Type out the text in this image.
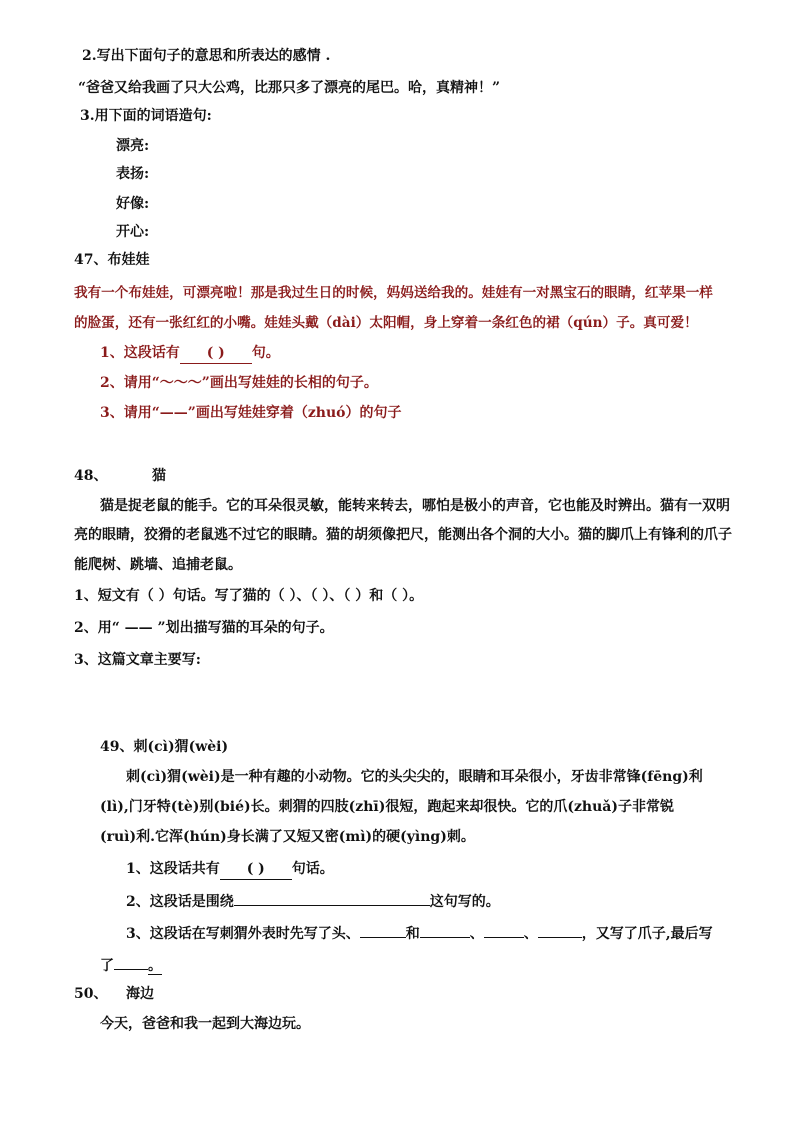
2.写出下面句子的意思和所表达的感情 .
“爸爸又给我画了只大公鸡，比那只多了漂亮的尾巴。哈，真精神！”
3.用下面的词语造句:
漂亮:
表扬:
好像:
开心:
47、布娃娃
我有一个布娃娃，可漂亮啦！那是我过生日的时候，妈妈送给我的。娃娃有一对黑宝石的眼睛，红苹果一样
的脸蛋，还有一张红红的小嘴。娃娃头戴（dài）太阳帽，身上穿着一条红色的裙（qún）子。真可爱！
1、这段话有 ( ) 句。
2、请用“～～～”画出写娃娃的长相的句子。
3、请用“——”画出写娃娃穿着（zhuó）的句子
48、	猫
猫是捉老鼠的能手。它的耳朵很灵敏，能转来转去，哪怕是极小的声音，它也能及时辨出。猫有一双明
亮的眼睛，狡猾的老鼠逃不过它的眼睛。猫的胡须像把尺，能测出各个洞的大小。猫的脚爪上有锋利的爪子
能爬树、跳墙、追捕老鼠。
1、短文有（ ）句话。写了猫的（ ）、（ ）、（ ）和（ ）。
2、用“ —— ”划出描写猫的耳朵的句子。
3、这篇文章主要写:
49、刺(cì)猬(wèi)
刺(cì)猬(wèi)是一种有趣的小动物。它的头尖尖的，眼睛和耳朵很小，牙齿非常锋(fēng)利
(lì),门牙特(tè)别(bié)长。刺猬的四肢(zhī)很短，跑起来却很快。它的爪(zhuǎ)子非常锐
(ruì)利.它浑(hún)身长满了又短又密(mì)的硬(yìng)刺。
1、这段话共有 ( ) 句话。
2、这段话是围绕	这句写的。
3、这段话在写刺猬外表时先写了头、	和	、	、	，又写了爪子,最后写
了 。
50、 海边
今天，爸爸和我一起到大海边玩。
